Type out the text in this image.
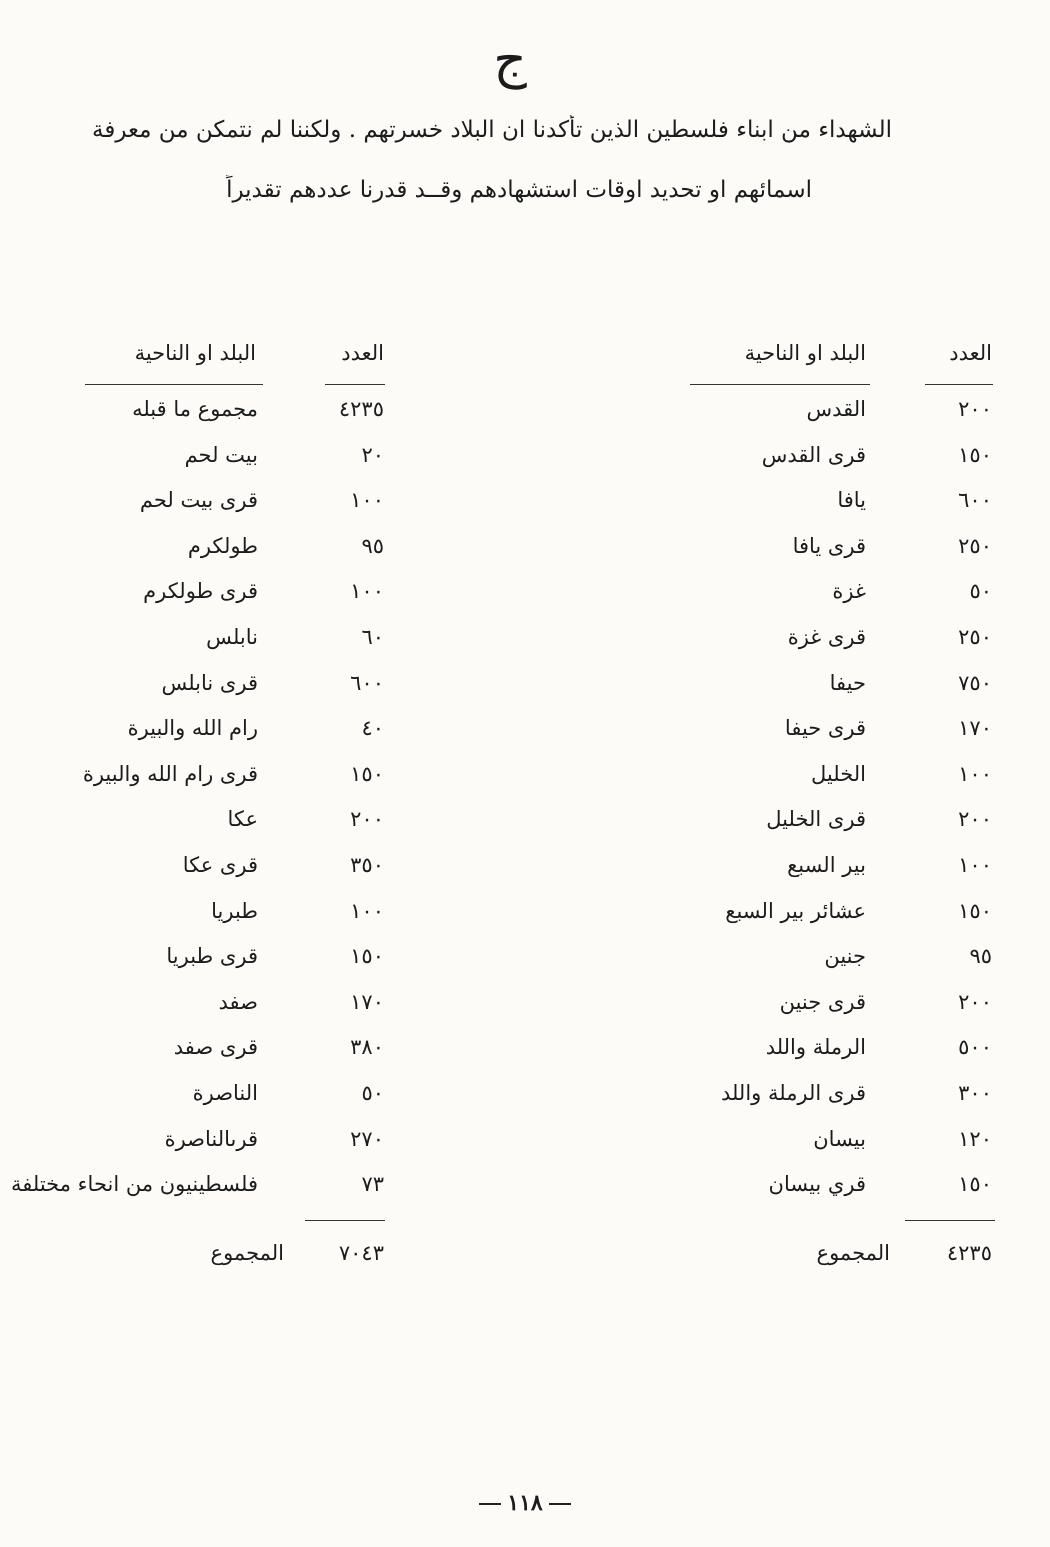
ج
الشهداء من ابناء فلسطين الذين تأكدنا ان البلاد خسرتهم . ولكننا لم نتمكن من معرفة
اسمائهم او تحديد اوقات استشهادهم وقــد قدرنا عددهم تقديراً
العدد
البلد او الناحية
٢٠٠
القدس
١٥٠
قرى القدس
٦٠٠
يافا
٢٥٠
قرى يافا
٥٠
غزة
٢٥٠
قرى غزة
٧٥٠
حيفا
١٧٠
قرى حيفا
١٠٠
الخليل
٢٠٠
قرى الخليل
١٠٠
بير السبع
١٥٠
عشائر بير السبع
٩٥
جنين
٢٠٠
قرى جنين
٥٠٠
الرملة واللد
٣٠٠
قرى الرملة واللد
١٢٠
بيسان
١٥٠
قري بيسان
٤٢٣٥
المجموع
العدد
البلد او الناحية
٤٢٣٥
مجموع ما قبله
٢٠
بيت لحم
١٠٠
قرى بيت لحم
٩٥
طولكرم
١٠٠
قرى طولكرم
٦٠
نابلس
٦٠٠
قرى نابلس
٤٠
رام الله والبيرة
١٥٠
قرى رام الله والبيرة
٢٠٠
عكا
٣٥٠
قرى عكا
١٠٠
طبريا
١٥٠
قرى طبريا
١٧٠
صفد
٣٨٠
قرى صفد
٥٠
الناصرة
٢٧٠
قرىالناصرة
٧٣
فلسطينيون من انحاء مختلفة
٧٠٤٣
المجموع
١١٨
